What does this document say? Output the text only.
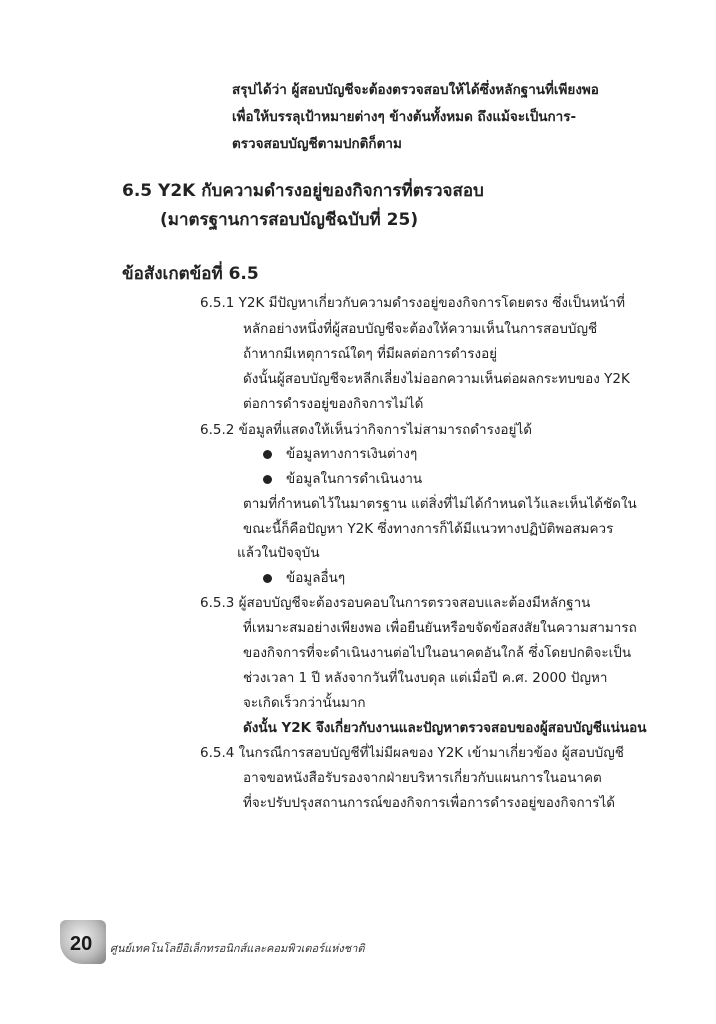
สรุปได้ว่า ผู้สอบบัญชีจะต้องตรวจสอบให้ได้ซึ่งหลักฐานที่เพียงพอ
เพื่อให้บรรลุเป้าหมายต่างๆ ข้างต้นทั้งหมด ถึงแม้จะเป็นการ-
ตรวจสอบบัญชีตามปกติก็ตาม
6.5 Y2K กับความดำรงอยู่ของกิจการที่ตรวจสอบ
(มาตรฐานการสอบบัญชีฉบับที่ 25)
ข้อสังเกตข้อที่ 6.5
6.5.1 Y2K มีปัญหาเกี่ยวกับความดำรงอยู่ของกิจการโดยตรง ซึ่งเป็นหน้าที่
หลักอย่างหนึ่งที่ผู้สอบบัญชีจะต้องให้ความเห็นในการสอบบัญชี
ถ้าหากมีเหตุการณ์ใดๆ ที่มีผลต่อการดำรงอยู่
ดังนั้นผู้สอบบัญชีจะหลีกเลี่ยงไม่ออกความเห็นต่อผลกระทบของ Y2K
ต่อการดำรงอยู่ของกิจการไม่ได้
6.5.2 ข้อมูลที่แสดงให้เห็นว่ากิจการไม่สามารถดำรงอยู่ได้
ข้อมูลทางการเงินต่างๆ
ข้อมูลในการดำเนินงาน
ตามที่กำหนดไว้ในมาตรฐาน แต่สิ่งที่ไม่ได้กำหนดไว้และเห็นได้ชัดใน
ขณะนี้ก็คือปัญหา Y2K ซึ่งทางการก็ได้มีแนวทางปฏิบัติพอสมควร
แล้วในปัจจุบัน
ข้อมูลอื่นๆ
6.5.3 ผู้สอบบัญชีจะต้องรอบคอบในการตรวจสอบและต้องมีหลักฐาน
ที่เหมาะสมอย่างเพียงพอ เพื่อยืนยันหรือขจัดข้อสงสัยในความสามารถ
ของกิจการที่จะดำเนินงานต่อไปในอนาคตอันใกล้ ซึ่งโดยปกติจะเป็น
ช่วงเวลา 1 ปี หลังจากวันที่ในงบดุล แต่เมื่อปี ค.ศ. 2000 ปัญหา
จะเกิดเร็วกว่านั้นมาก
ดังนั้น Y2K จึงเกี่ยวกับงานและปัญหาตรวจสอบของผู้สอบบัญชีแน่นอน
6.5.4 ในกรณีการสอบบัญชีที่ไม่มีผลของ Y2K เข้ามาเกี่ยวข้อง ผู้สอบบัญชี
อาจขอหนังสือรับรองจากฝ่ายบริหารเกี่ยวกับแผนการในอนาคต
ที่จะปรับปรุงสถานการณ์ของกิจการเพื่อการดำรงอยู่ของกิจการได้
20 ศูนย์เทคโนโลยีอิเล็กทรอนิกส์และคอมพิวเตอร์แห่งชาติ
